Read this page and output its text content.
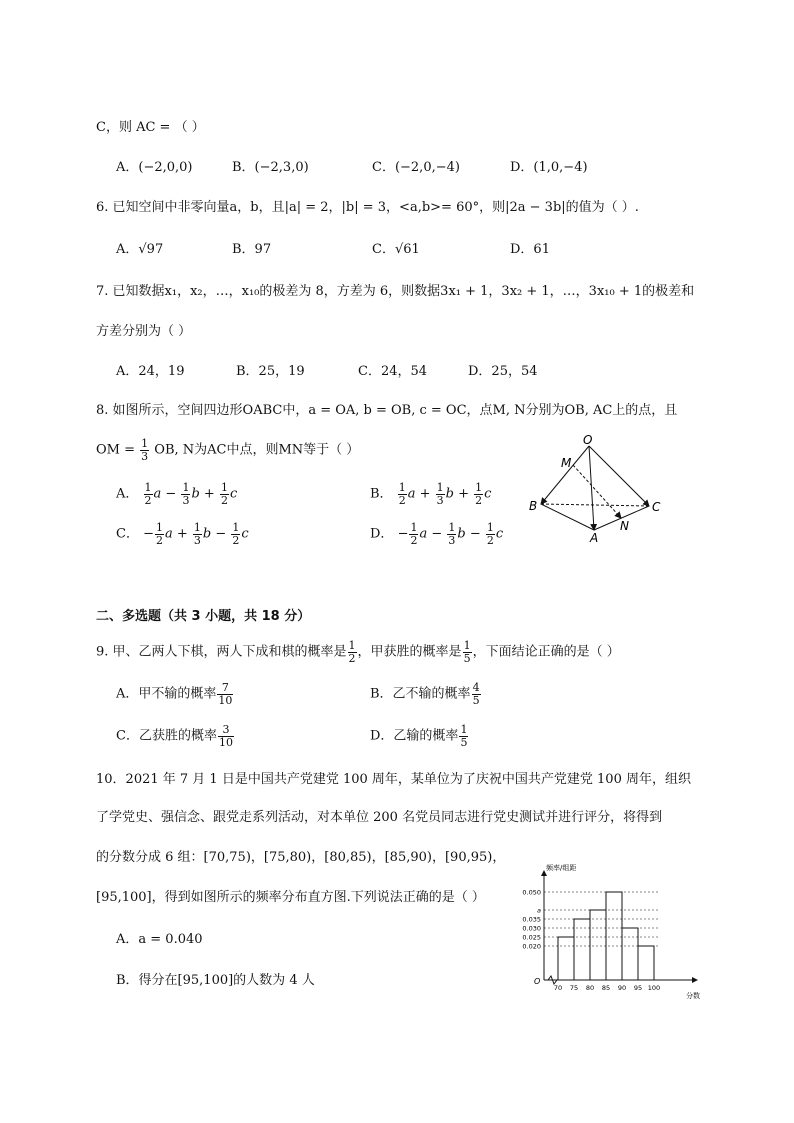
C，则 AC = （ ）
A．(−2,0,0)	B．(−2,3,0)	C．(−2,0,−4)	D．(1,0,−4)
6. 已知空间中非零向量a，b，且|a| = 2，|b| = 3，<a,b>= 60°，则|2a − 3b|的值为（ ）.
A．√97	B．97	C．√61	D．61
7. 已知数据x₁，x₂，…，x₁₀的极差为 8，方差为 6，则数据3x₁ + 1，3x₂ + 1，…，3x₁₀ + 1的极差和
方差分别为（ ）
A．24，19	B．25，19	C．24，54	D．25，54
8. 如图所示，空间四边形OABC中，a = OA, b = OB, c = OC，点M, N分别为OB, AC上的点，且
OM = $\frac{1}{3}$ OB, N为AC中点，则MN等于（ ）
A． $\frac{1}{2}$ $a - \frac{1}{3}$ $b + \frac{1}{2}$ c	B． $\frac{1}{2}$ $a + \frac{1}{3}$ $b + \frac{1}{2}$ c
C． − $\frac{1}{2}$ $a + \frac{1}{3}$ $b - \frac{1}{2}$ c	D． − $\frac{1}{2}$ $a - \frac{1}{3}$ $b - \frac{1}{2}$ c
O
M
B	C
N
A
二、多选题（共 3 小题，共 18 分）
9. 甲、乙两人下棋，两人下成和棋的概率是 $\frac{1}{2}$ ，甲获胜的概率是 $\frac{1}{5}$ ，下面结论正确的是（ ）
A．甲不输的概率 $\frac{7}{10}$	B．乙不输的概率 $\frac{4}{5}$
C．乙获胜的概率 $\frac{3}{10}$	D．乙输的概率 $\frac{1}{5}$
10．2021 年 7 月 1 日是中国共产党建党 100 周年，某单位为了庆祝中国共产党建党 100 周年，组织
了学党史、强信念、跟党走系列活动，对本单位 200 名党员同志进行党史测试并进行评分，将得到
的分数分成 6 组：[70,75)，[75,80)，[80,85)，[85,90)，[90,95)，
[95,100]，得到如图所示的频率分布直方图.下列说法正确的是（ ）
A．a = 0.040
B．得分在[95,100]的人数为 4 人
频率/组距
分数
O
0.050
a
0.035
0.030
0.025
0.020
70 75 80 85 90 95 100
